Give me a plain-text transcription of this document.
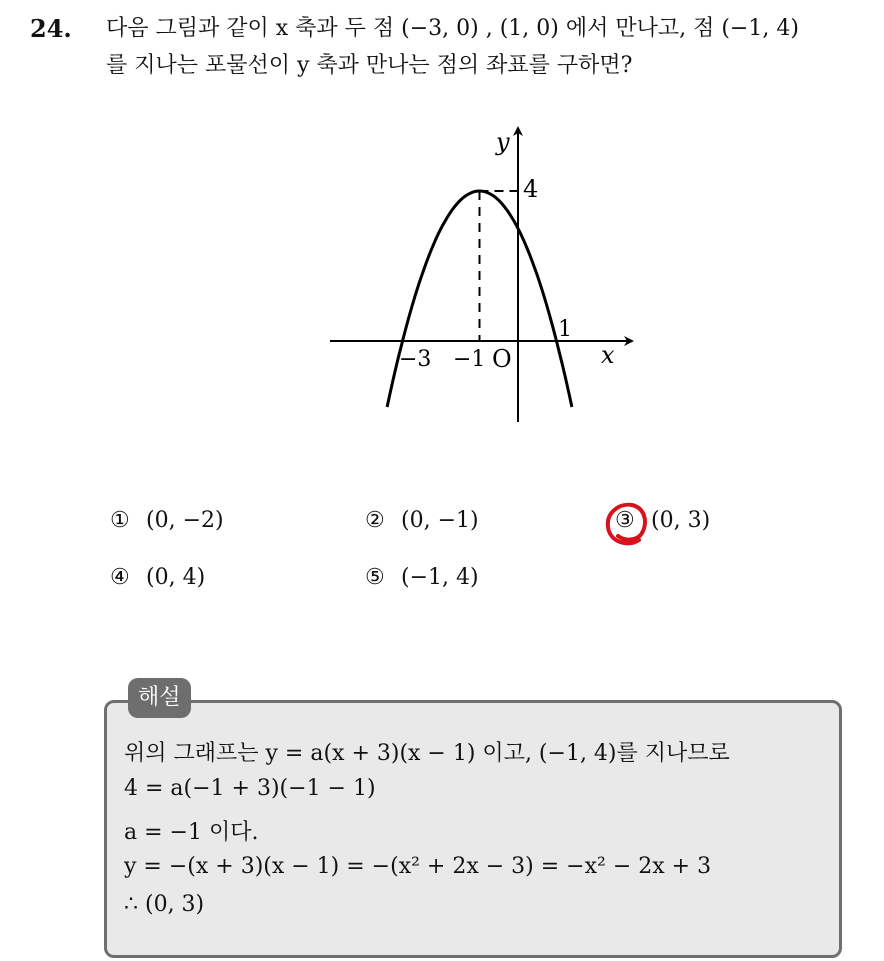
24. 다음 그림과 같이 x 축과 두 점 (−3, 0) , (1, 0) 에서 만나고, 점 (−1, 4)
를 지나는 포물선이 y 축과 만나는 점의 좌표를 구하면?
y
4
1
−3 −1 O	x
① (0, −2)	② (0, −1)	③ (0, 3)
④ (0, 4)	⑤ (−1, 4)
해설
위의 그래프는 y = a(x + 3)(x − 1) 이고, (−1, 4)를 지나므로
4 = a(−1 + 3)(−1 − 1)
a = −1 이다.
y = −(x + 3)(x − 1) = −(x² + 2x − 3) = −x² − 2x + 3
∴ (0, 3)
